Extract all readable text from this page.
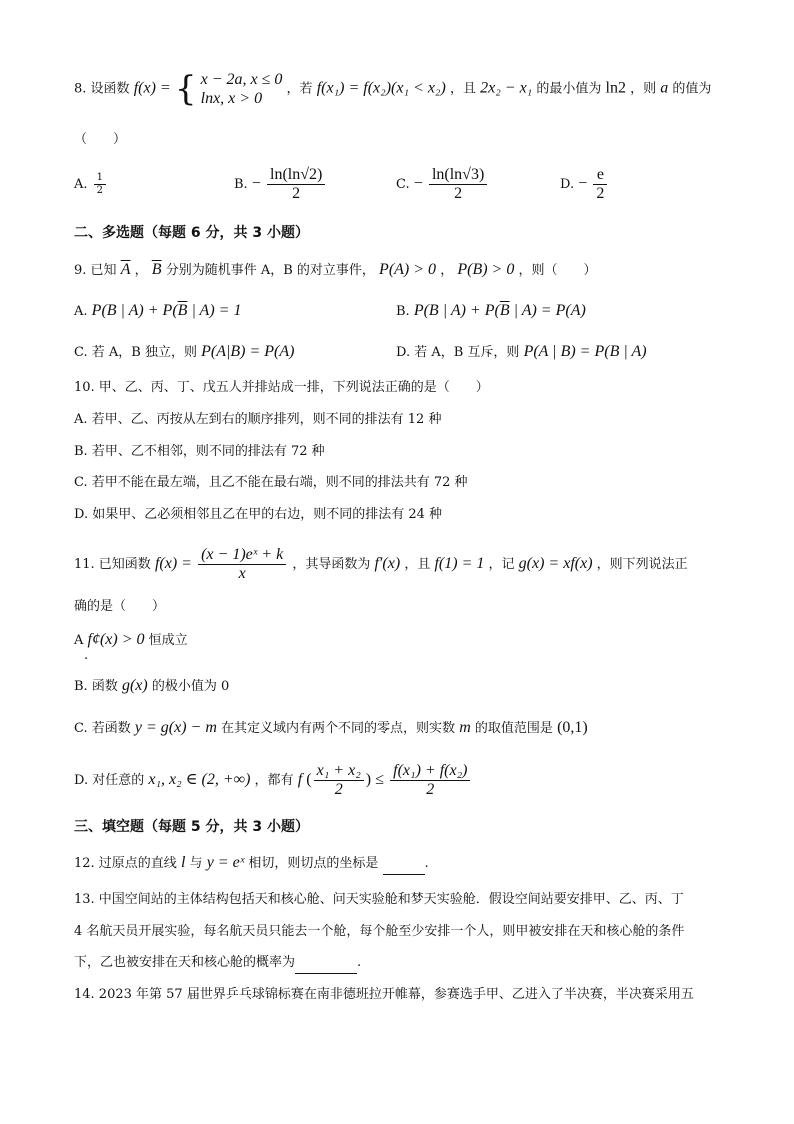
8. 设函数 f(x) = { x − 2a, x ≤ 0
lnx, x > 0
，若 f(x₁) = f(x₂)(x₁ < x₂) ，且 2x₂ − x₁ 的最小值为 ln2 ，则 a 的值为
（　　）
A. $\frac{1}{2}$	B. − $\frac{\ln(\ln√2)}{2}$	C. − $\frac{\ln(\ln√3)}{2}$	D. − $\frac{e}{2}$
二、多选题（每题 6 分，共 3 小题）
9. 已知 $\overline{A}$ ， $\overline{B}$ 分别为随机事件 A，B 的对立事件， P(A) > 0 ， P(B) > 0 ，则（　　）
A. P(B | $A) + P(\overline{B}$ | A) = 1	B. P(B | $A) + P(\overline{B}$ | A) = P(A)
C. 若 A，B 独立，则 P(A|B) = P(A)	D. 若 A，B 互斥，则 P(A | B) = P(B | A)
10. 甲、乙、丙、丁、戊五人并排站成一排，下列说法正确的是（　　）
A. 若甲、乙、丙按从左到右的顺序排列，则不同的排法有 12 种
B. 若甲、乙不相邻，则不同的排法有 72 种
C. 若甲不能在最左端，且乙不能在最右端，则不同的排法共有 72 种
D. 如果甲、乙必须相邻且乙在甲的右边，则不同的排法有 24 种
11. 已知函数 $f(x) = \frac{\text{(x − 1)eˣ + k}}{x}$ ，其导函数为 f′(x) ，且 f(1) = 1 ，记 g(x) = xf(x) ，则下列说法正
确的是（　　）
A f¢(x) > 0 恒成立
.
B. 函数 g(x) 的极小值为 0
C. 若函数 y = g(x) − m 在其定义域内有两个不同的零点，则实数 m 的取值范围是 (0,1)
D. 对任意的 x₁, x₂ ∈ (2, +∞) ，都有 f ( $\frac{\text{x₁ + x₂}}{2}$ ) ≤ $\frac{\text{f(x₁) + f(x₂)}}{2}$
三、填空题（每题 5 分，共 3 小题）
12. 过原点的直线 l 与 y = eˣ 相切，则切点的坐标是	.
13. 中国空间站的主体结构包括天和核心舱、问天实验舱和梦天实验舱．假设空间站要安排甲、乙、丙、丁
4 名航天员开展实验，每名航天员只能去一个舱，每个舱至少安排一个人，则甲被安排在天和核心舱的条件
下，乙也被安排在天和核心舱的概率为	.
14. 2023 年第 57 届世界乒乓球锦标赛在南非德班拉开帷幕，参赛选手甲、乙进入了半决赛，半决赛采用五
